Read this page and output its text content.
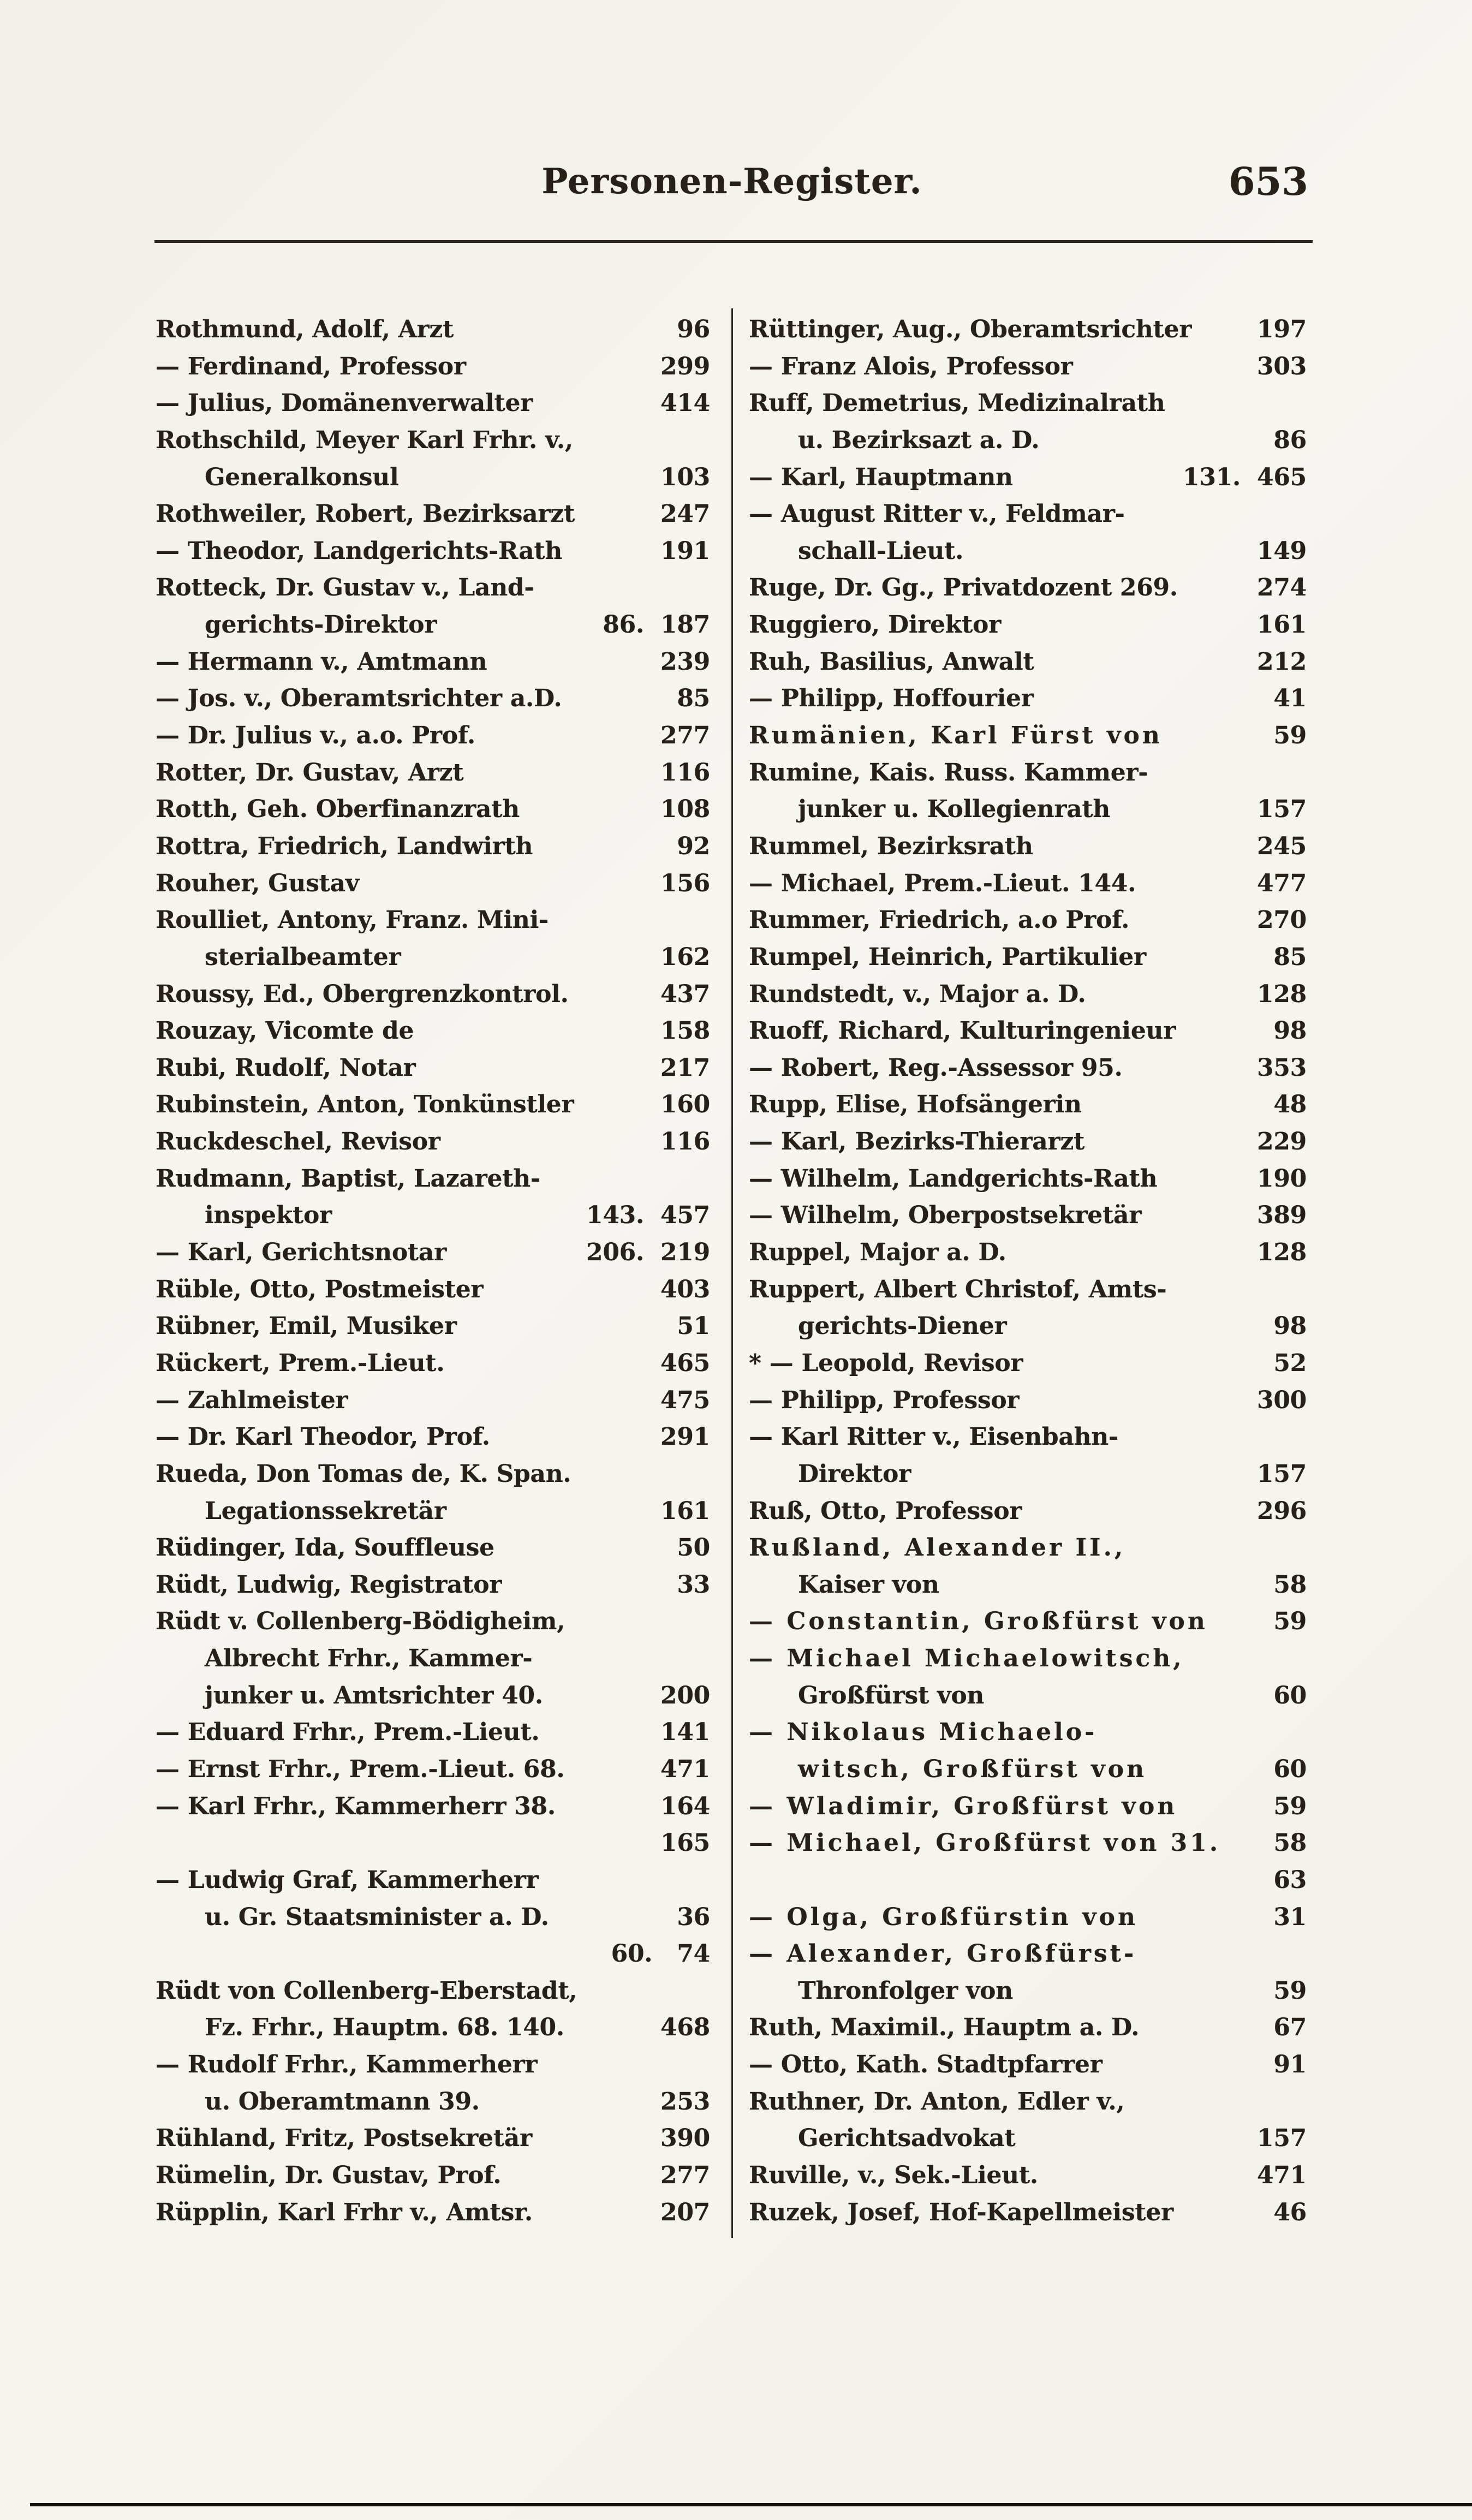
Personen-Register.	653
Rothmund, Adolf, Arzt	96
— Ferdinand, Professor	299
— Julius, Domänenverwalter	414
Rothschild, Meyer Karl Frhr. v.,
Generalkonsul	103
Rothweiler, Robert, Bezirksarzt	247
— Theodor, Landgerichts-Rath	191
Rotteck, Dr. Gustav v., Land-
gerichts-Direktor	86.  187
— Hermann v., Amtmann	239
— Jos. v., Oberamtsrichter a.D.	85
— Dr. Julius v., a.o. Prof.	277
Rotter, Dr. Gustav, Arzt	116
Rotth, Geh. Oberfinanzrath	108
Rottra, Friedrich, Landwirth	92
Rouher, Gustav	156
Roulliet, Antony, Franz. Mini-
sterialbeamter	162
Roussy, Ed., Obergrenzkontrol.	437
Rouzay, Vicomte de	158
Rubi, Rudolf, Notar	217
Rubinstein, Anton, Tonkünstler	160
Ruckdeschel, Revisor	116
Rudmann, Baptist, Lazareth-
inspektor	143.  457
— Karl, Gerichtsnotar	206.  219
Rüble, Otto, Postmeister	403
Rübner, Emil, Musiker	51
Rückert, Prem.-Lieut.	465
— Zahlmeister	475
— Dr. Karl Theodor, Prof.	291
Rueda, Don Tomas de, K. Span.
Legationssekretär	161
Rüdinger, Ida, Souffleuse	50
Rüdt, Ludwig, Registrator	33
Rüdt v. Collenberg-Bödigheim,
Albrecht Frhr., Kammer-
junker u. Amtsrichter 40.	200
— Eduard Frhr., Prem.-Lieut.	141
— Ernst Frhr., Prem.-Lieut. 68.	471
— Karl Frhr., Kammerherr 38.	164
165
— Ludwig Graf, Kammerherr
u. Gr. Staatsminister a. D.	36
60.   74
Rüdt von Collenberg-Eberstadt,
Fz. Frhr., Hauptm. 68. 140.	468
— Rudolf Frhr., Kammerherr
u. Oberamtmann 39.	253
Rühland, Fritz, Postsekretär	390
Rümelin, Dr. Gustav, Prof.	277
Rüpplin, Karl Frhr v., Amtsr.	207
Rüttinger, Aug., Oberamtsrichter	197
— Franz Alois, Professor	303
Ruff, Demetrius, Medizinalrath
u. Bezirksazt a. D.	86
— Karl, Hauptmann	131.  465
— August Ritter v., Feldmar-
schall-Lieut.	149
Ruge, Dr. Gg., Privatdozent 269.	274
Ruggiero, Direktor	161
Ruh, Basilius, Anwalt	212
— Philipp, Hoffourier	41
Rumänien, Karl Fürst von	59
Rumine, Kais. Russ. Kammer-
junker u. Kollegienrath	157
Rummel, Bezirksrath	245
— Michael, Prem.-Lieut. 144.	477
Rummer, Friedrich, a.o Prof.	270
Rumpel, Heinrich, Partikulier	85
Rundstedt, v., Major a. D.	128
Ruoff, Richard, Kulturingenieur	98
— Robert, Reg.-Assessor 95.	353
Rupp, Elise, Hofsängerin	48
— Karl, Bezirks-Thierarzt	229
— Wilhelm, Landgerichts-Rath	190
— Wilhelm, Oberpostsekretär	389
Ruppel, Major a. D.	128
Ruppert, Albert Christof, Amts-
gerichts-Diener	98
* — Leopold, Revisor	52
— Philipp, Professor	300
— Karl Ritter v., Eisenbahn-
Direktor	157
Ruß, Otto, Professor	296
Rußland, Alexander II.,
Kaiser von	58
— Constantin, Großfürst von	59
— Michael Michaelowitsch,
Großfürst von	60
— Nikolaus Michaelo-
witsch, Großfürst von	60
— Wladimir, Großfürst von	59
— Michael, Großfürst von 31.	58
63
— Olga, Großfürstin von	31
— Alexander, Großfürst-
Thronfolger von	59
Ruth, Maximil., Hauptm a. D.	67
— Otto, Kath. Stadtpfarrer	91
Ruthner, Dr. Anton, Edler v.,
Gerichtsadvokat	157
Ruville, v., Sek.-Lieut.	471
Ruzek, Josef, Hof-Kapellmeister	46
